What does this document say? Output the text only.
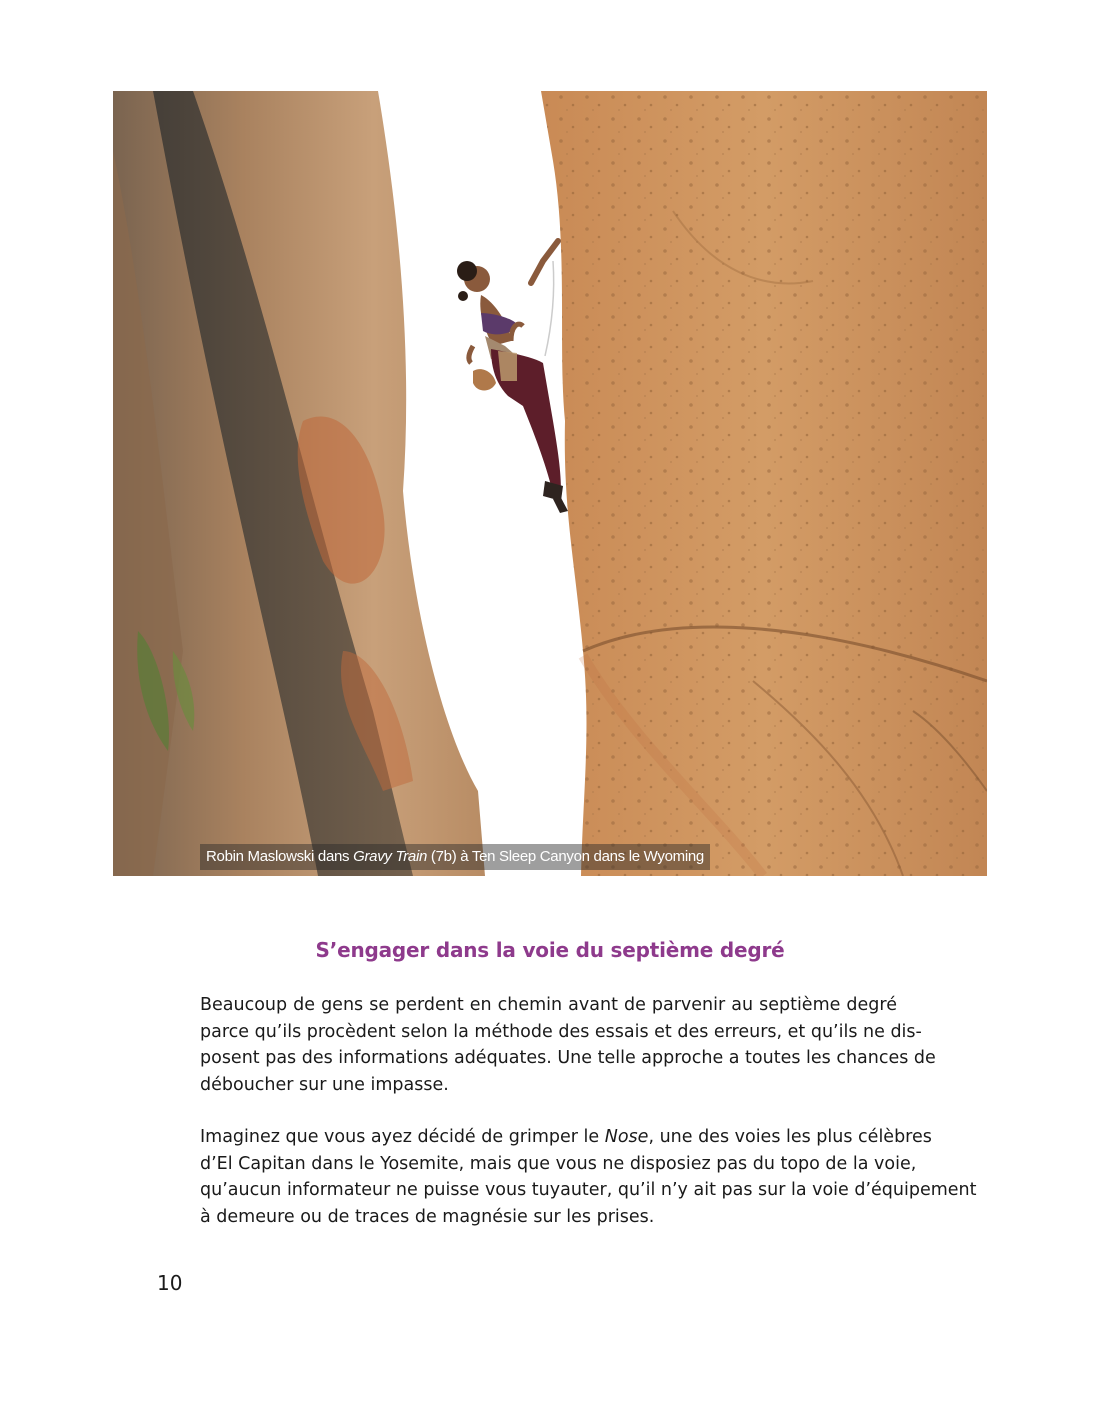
Robin Maslowski dans Gravy Train (7b) à Ten Sleep Canyon dans le Wyoming
S’engager dans la voie du septième degré

Beaucoup de gens se perdent en chemin avant de parvenir au septième degré
parce qu’ils procèdent selon la méthode des essais et des erreurs, et qu’ils ne dis-
posent pas des informations adéquates. Une telle approche a toutes les chances de
déboucher sur une impasse.

Imaginez que vous ayez décidé de grimper le Nose, une des voies les plus célèbres
d’El Capitan dans le Yosemite, mais que vous ne disposiez pas du topo de la voie,
qu’aucun informateur ne puisse vous tuyauter, qu’il n’y ait pas sur la voie d’équipement
à demeure ou de traces de magnésie sur les prises.

10
